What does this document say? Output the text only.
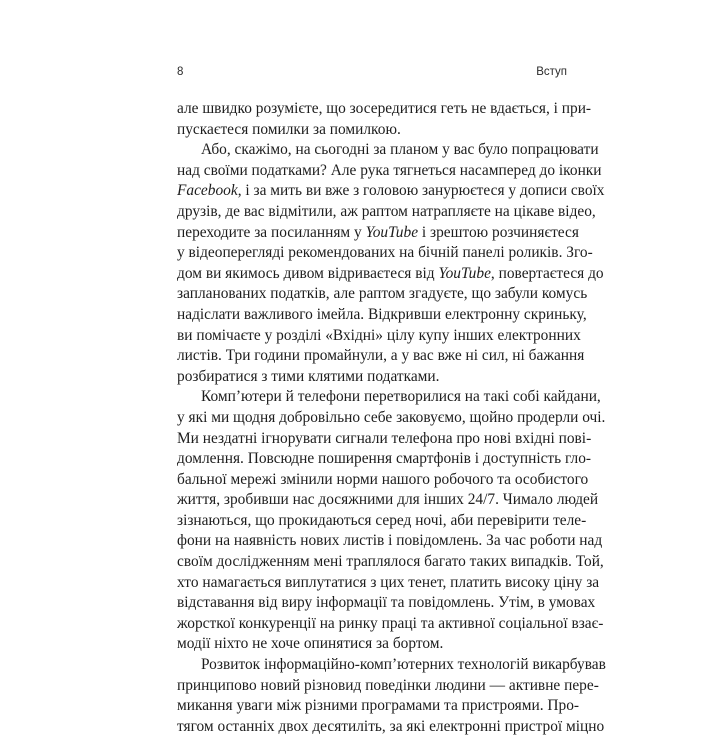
8	Вступ
але швидко розумієте, що зосередитися геть не вдається, і при-
пускаєтеся помилки за помилкою.
Або, скажімо, на сьогодні за планом у вас було попрацювати
над своїми податками? Але рука тягнеться насамперед до іконки
Facebook, і за мить ви вже з головою занурюєтеся у дописи своїх
друзів, де вас відмітили, аж раптом натрапляєте на цікаве відео,
переходите за посиланням у YouTube і зрештою розчиняєтеся
у відеоперегляді рекомендованих на бічній панелі роликів. Зго-
дом ви якимось дивом відриваєтеся від YouTube, повертаєтеся до
запланованих податків, але раптом згадуєте, що забули комусь
надіслати важливого імейла. Відкривши електронну скриньку,
ви помічаєте у розділі «Вхідні» цілу купу інших електронних
листів. Три години промайнули, а у вас вже ні сил, ні бажання
розбиратися з тими клятими податками.
Комп’ютери й телефони перетворилися на такі собі кайдани,
у які ми щодня добровільно себе заковуємо, щойно продерли очі.
Ми нездатні ігнорувати сигнали телефона про нові вхідні пові-
домлення. Повсюдне поширення смартфонів і доступність гло-
бальної мережі змінили норми нашого робочого та особистого
життя, зробивши нас досяжними для інших 24/7. Чимало людей
зізнаються, що прокидаються серед ночі, аби перевірити телe-
фони на наявність нових листів і повідомлень. За час роботи над
своїм дослідженням мені траплялося багато таких випадків. Той,
хто намагається виплутатися з цих тенет, платить високу ціну за
відставання від виру інформації та повідомлень. Утім, в умовах
жорсткої конкуренції на ринку праці та активної соціальної взає-
модії ніхто не хоче опинятися за бортом.
Розвиток інформаційно-комп’ютерних технологій викарбував
принципово новий різновид поведінки людини — активне пере-
микання уваги між різними програмами та пристроями. Про-
тягом останніх двох десятиліть, за які електронні пристрої міцно
